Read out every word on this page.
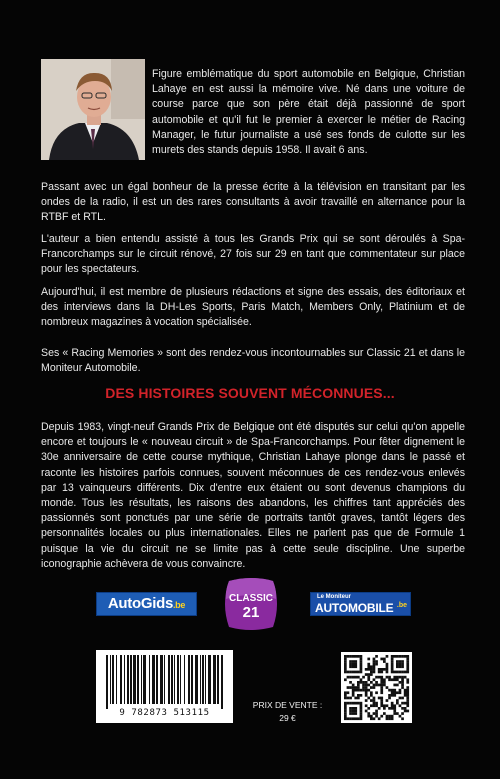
Figure emblématique du sport automobile en Belgique, Christian Lahaye en est aussi la mémoire vive. Né dans une voiture de course parce que son père était déjà passionné de sport automobile et qu'il fut le premier à exercer le métier de Racing Manager, le futur journaliste a usé ses fonds de culotte sur les murets des stands depuis 1958. Il avait 6 ans.

Passant avec un égal bonheur de la presse écrite à la télévision en transitant par les ondes de la radio, il est un des rares consultants à avoir travaillé en alternance pour la RTBF et RTL.

L'auteur a bien entendu assisté à tous les Grands Prix qui se sont déroulés à Spa-Francorchamps sur le circuit rénové, 27 fois sur 29 en tant que commentateur sur place pour les spectateurs.

Aujourd'hui, il est membre de plusieurs rédactions et signe des essais, des éditoriaux et des interviews dans la DH-Les Sports, Paris Match, Members Only, Platinium et de nombreux magazines à vocation spécialisée.

Ses « Racing Memories » sont des rendez-vous incontournables sur Classic 21 et dans le Moniteur Automobile.

DES HISTOIRES SOUVENT MÉCONNUES...

Depuis 1983, vingt-neuf Grands Prix de Belgique ont été disputés sur celui qu'on appelle encore et toujours le « nouveau circuit » de Spa-Francorchamps. Pour fêter dignement le 30e anniversaire de cette course mythique, Christian Lahaye plonge dans le passé et raconte les histoires parfois connues, souvent méconnues de ces rendez-vous enlevés par 13 vainqueurs différents. Dix d'entre eux étaient ou sont devenus champions du monde. Tous les résultats, les raisons des abandons, les chiffres tant appréciés des passionnés sont ponctués par une série de portraits tantôt graves, tantôt légers des personnalités locales ou plus internationales. Elles ne parlent pas que de Formule 1 puisque la vie du circuit ne se limite pas à cette seule discipline. Une superbe iconographie achèvera de vous convaincre.

AutoGids.be
CLASSIC
21
Le Moniteur
AUTOMOBILE .be
9 782873 513115
PRIX DE VENTE :
29 €
